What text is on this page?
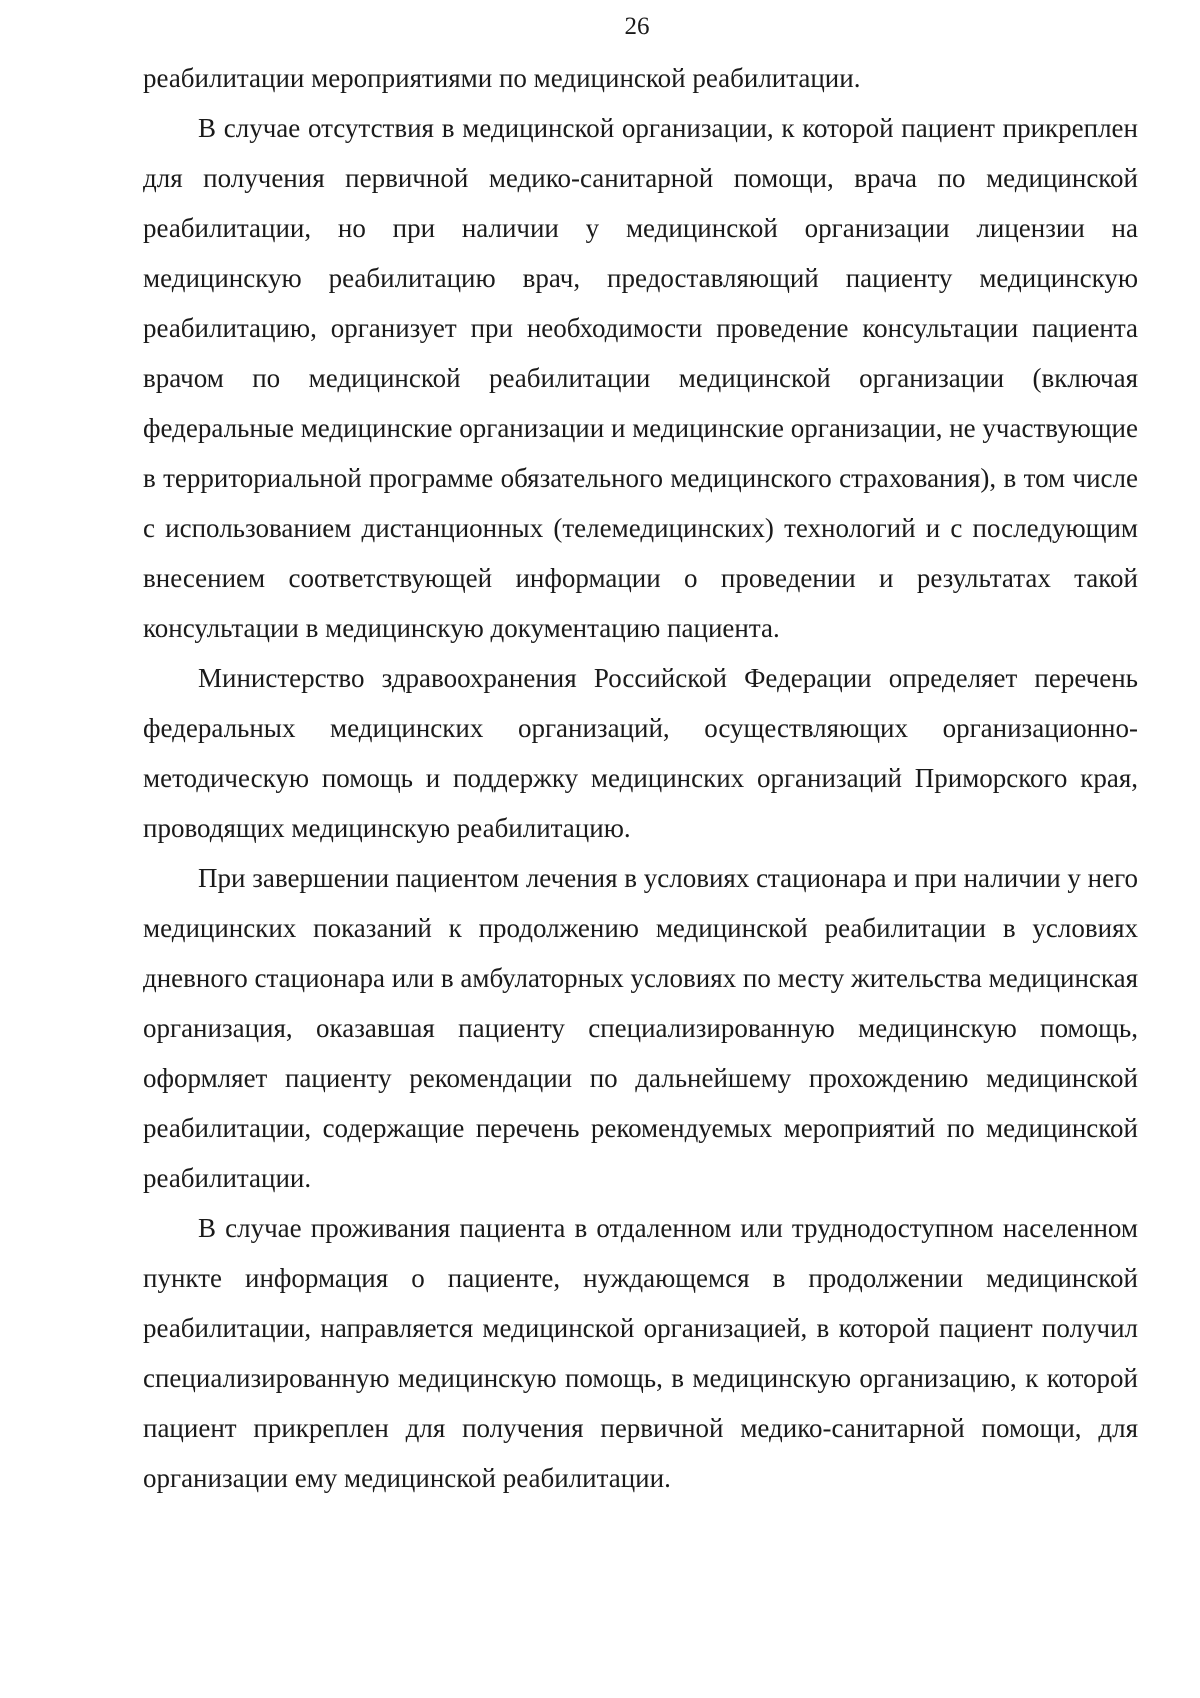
26

реабилитации мероприятиями по медицинской реабилитации.

В случае отсутствия в медицинской организации, к которой пациент прикреплен для получения первичной медико-санитарной помощи, врача по медицинской реабилитации, но при наличии у медицинской организации лицензии на медицинскую реабилитацию врач, предоставляющий пациенту медицинскую реабилитацию, организует при необходимости проведение консультации пациента врачом по медицинской реабилитации медицинской организации (включая федеральные медицинские организации и медицинские организации, не участвующие в территориальной программе обязательного медицинского страхования), в том числе с использованием дистанционных (телемедицинских) технологий и с последующим внесением соответствующей информации о проведении и результатах такой консультации в медицинскую документацию пациента.

Министерство здравоохранения Российской Федерации определяет перечень федеральных медицинских организаций, осуществляющих организационно-методическую помощь и поддержку медицинских организаций Приморского края, проводящих медицинскую реабилитацию.

При завершении пациентом лечения в условиях стационара и при наличии у него медицинских показаний к продолжению медицинской реабилитации в условиях дневного стационара или в амбулаторных условиях по месту жительства медицинская организация, оказавшая пациенту специализированную медицинскую помощь, оформляет пациенту рекомендации по дальнейшему прохождению медицинской реабилитации, содержащие перечень рекомендуемых мероприятий по медицинской реабилитации.

В случае проживания пациента в отдаленном или труднодоступном населенном пункте информация о пациенте, нуждающемся в продолжении медицинской реабилитации, направляется медицинской организацией, в которой пациент получил специализированную медицинскую помощь, в медицинскую организацию, к которой пациент прикреплен для получения первичной медико-санитарной помощи, для организации ему медицинской реабилитации.
